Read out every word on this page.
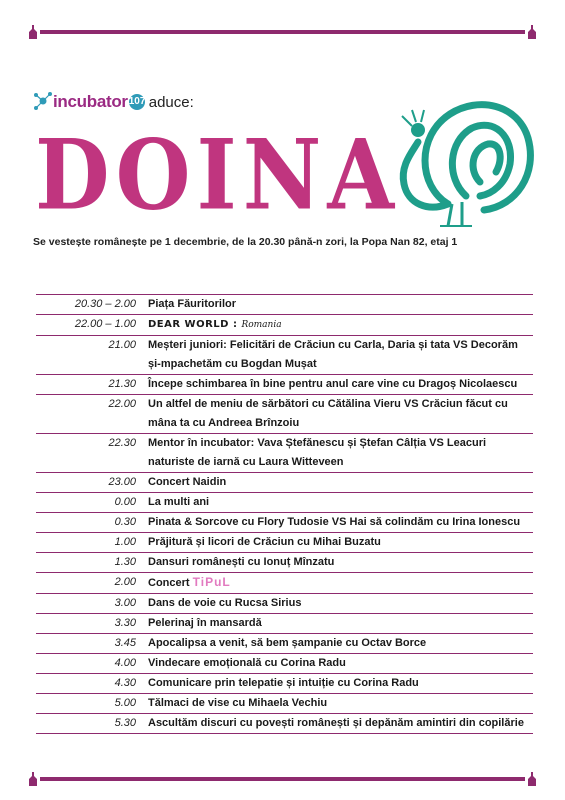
incubator 107 aduce:
DOINA
Se vestește românește pe 1 decembrie, de la 20.30 până-n zori, la Popa Nan 82, etaj 1
20.30 – 2.00	Piața Făuritorilor
22.00 – 1.00	DEAR WORLD : Romania
21.00	Meșteri juniori: Felicitări de Crăciun cu Carla, Daria și tata VS Decorăm și-mpachetăm cu Bogdan Mușat
21.30	Începe schimbarea în bine pentru anul care vine cu Dragoș Nicolaescu
22.00	Un altfel de meniu de sărbători cu Cătălina Vieru VS Crăciun făcut cu mâna ta cu Andreea Brînzoiu
22.30	Mentor în incubator: Vava Ștefănescu și Ștefan Câlția VS Leacuri naturiste de iarnă cu Laura Witteveen
23.00	Concert Naidin
0.00	La multi ani
0.30	Pinata & Sorcove cu Flory Tudosie VS Hai să colindăm cu Irina Ionescu
1.00	Prăjitură și licori de Crăciun cu Mihai Buzatu
1.30	Dansuri românești cu Ionuț Mînzatu
2.00	Concert TiPuL
3.00	Dans de voie cu Rucsa Sirius
3.30	Pelerinaj în mansardă
3.45	Apocalipsa a venit, să bem șampanie cu Octav Borce
4.00	Vindecare emoțională cu Corina Radu
4.30	Comunicare prin telepatie și intuiție cu Corina Radu
5.00	Tălmaci de vise cu Mihaela Vechiu
5.30	Ascultăm discuri cu povești românești și depănăm amintiri din copilărie
